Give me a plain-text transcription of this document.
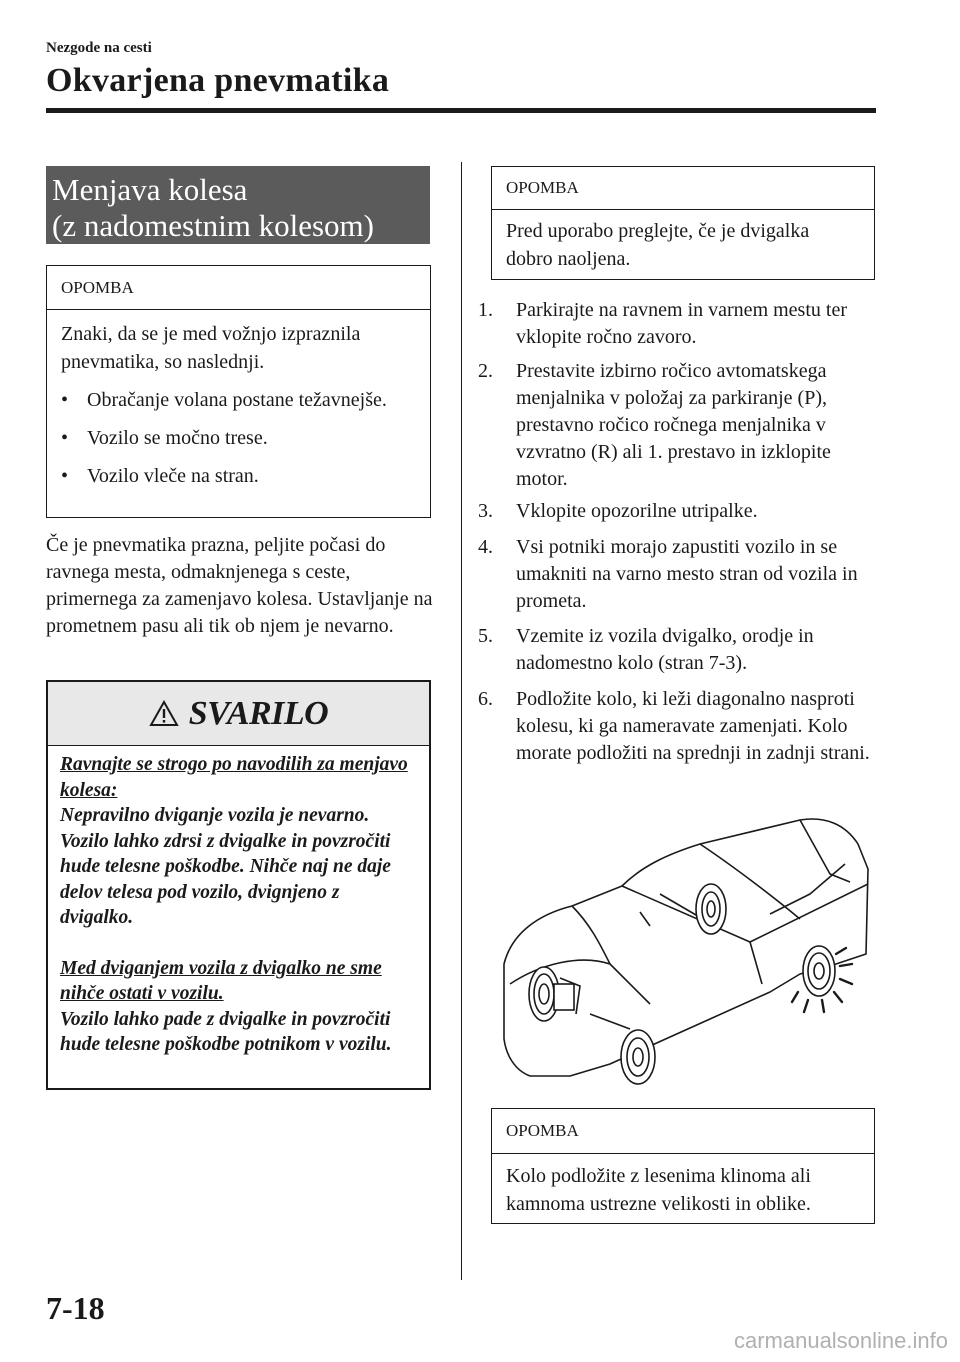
Nezgode na cesti
Okvarjena pnevmatika
Menjava kolesa
(z nadomestnim kolesom)
OPOMBA
Znaki, da se je med vožnjo izpraznila pnevmatika, so naslednji.
• Obračanje volana postane težavnejše.
• Vozilo se močno trese.
• Vozilo vleče na stran.
Če je pnevmatika prazna, peljite počasi do ravnega mesta, odmaknjenega s ceste, primernega za zamenjavo kolesa. Ustavljanje na prometnem pasu ali tik ob njem je nevarno.
SVARILO
Ravnajte se strogo po navodilih za menjavo kolesa:
Nepravilno dviganje vozila je nevarno. Vozilo lahko zdrsi z dvigalke in povzročiti hude telesne poškodbe. Nihče naj ne daje delov telesa pod vozilo, dvignjeno z dvigalko.
Med dviganjem vozila z dvigalko ne sme nihče ostati v vozilu.
Vozilo lahko pade z dvigalke in povzročiti hude telesne poškodbe potnikom v vozilu.
OPOMBA
Pred uporabo preglejte, če je dvigalka dobro naoljena.
1.	Parkirajte na ravnem in varnem mestu ter vklopite ročno zavoro.
2.	Prestavite izbirno ročico avtomatskega menjalnika v položaj za parkiranje (P), prestavno ročico ročnega menjalnika v vzvratno (R) ali 1. prestavo in izklopite motor.
3.	Vklopite opozorilne utripalke.
4.	Vsi potniki morajo zapustiti vozilo in se umakniti na varno mesto stran od vozila in prometa.
5.	Vzemite iz vozila dvigalko, orodje in nadomestno kolo (stran 7-3).
6.	Podložite kolo, ki leži diagonalno nasproti kolesu, ki ga nameravate zamenjati. Kolo morate podložiti na sprednji in zadnji strani.
OPOMBA
Kolo podložite z lesenima klinoma ali kamnoma ustrezne velikosti in oblike.
7-18
carmanualsonline.info
